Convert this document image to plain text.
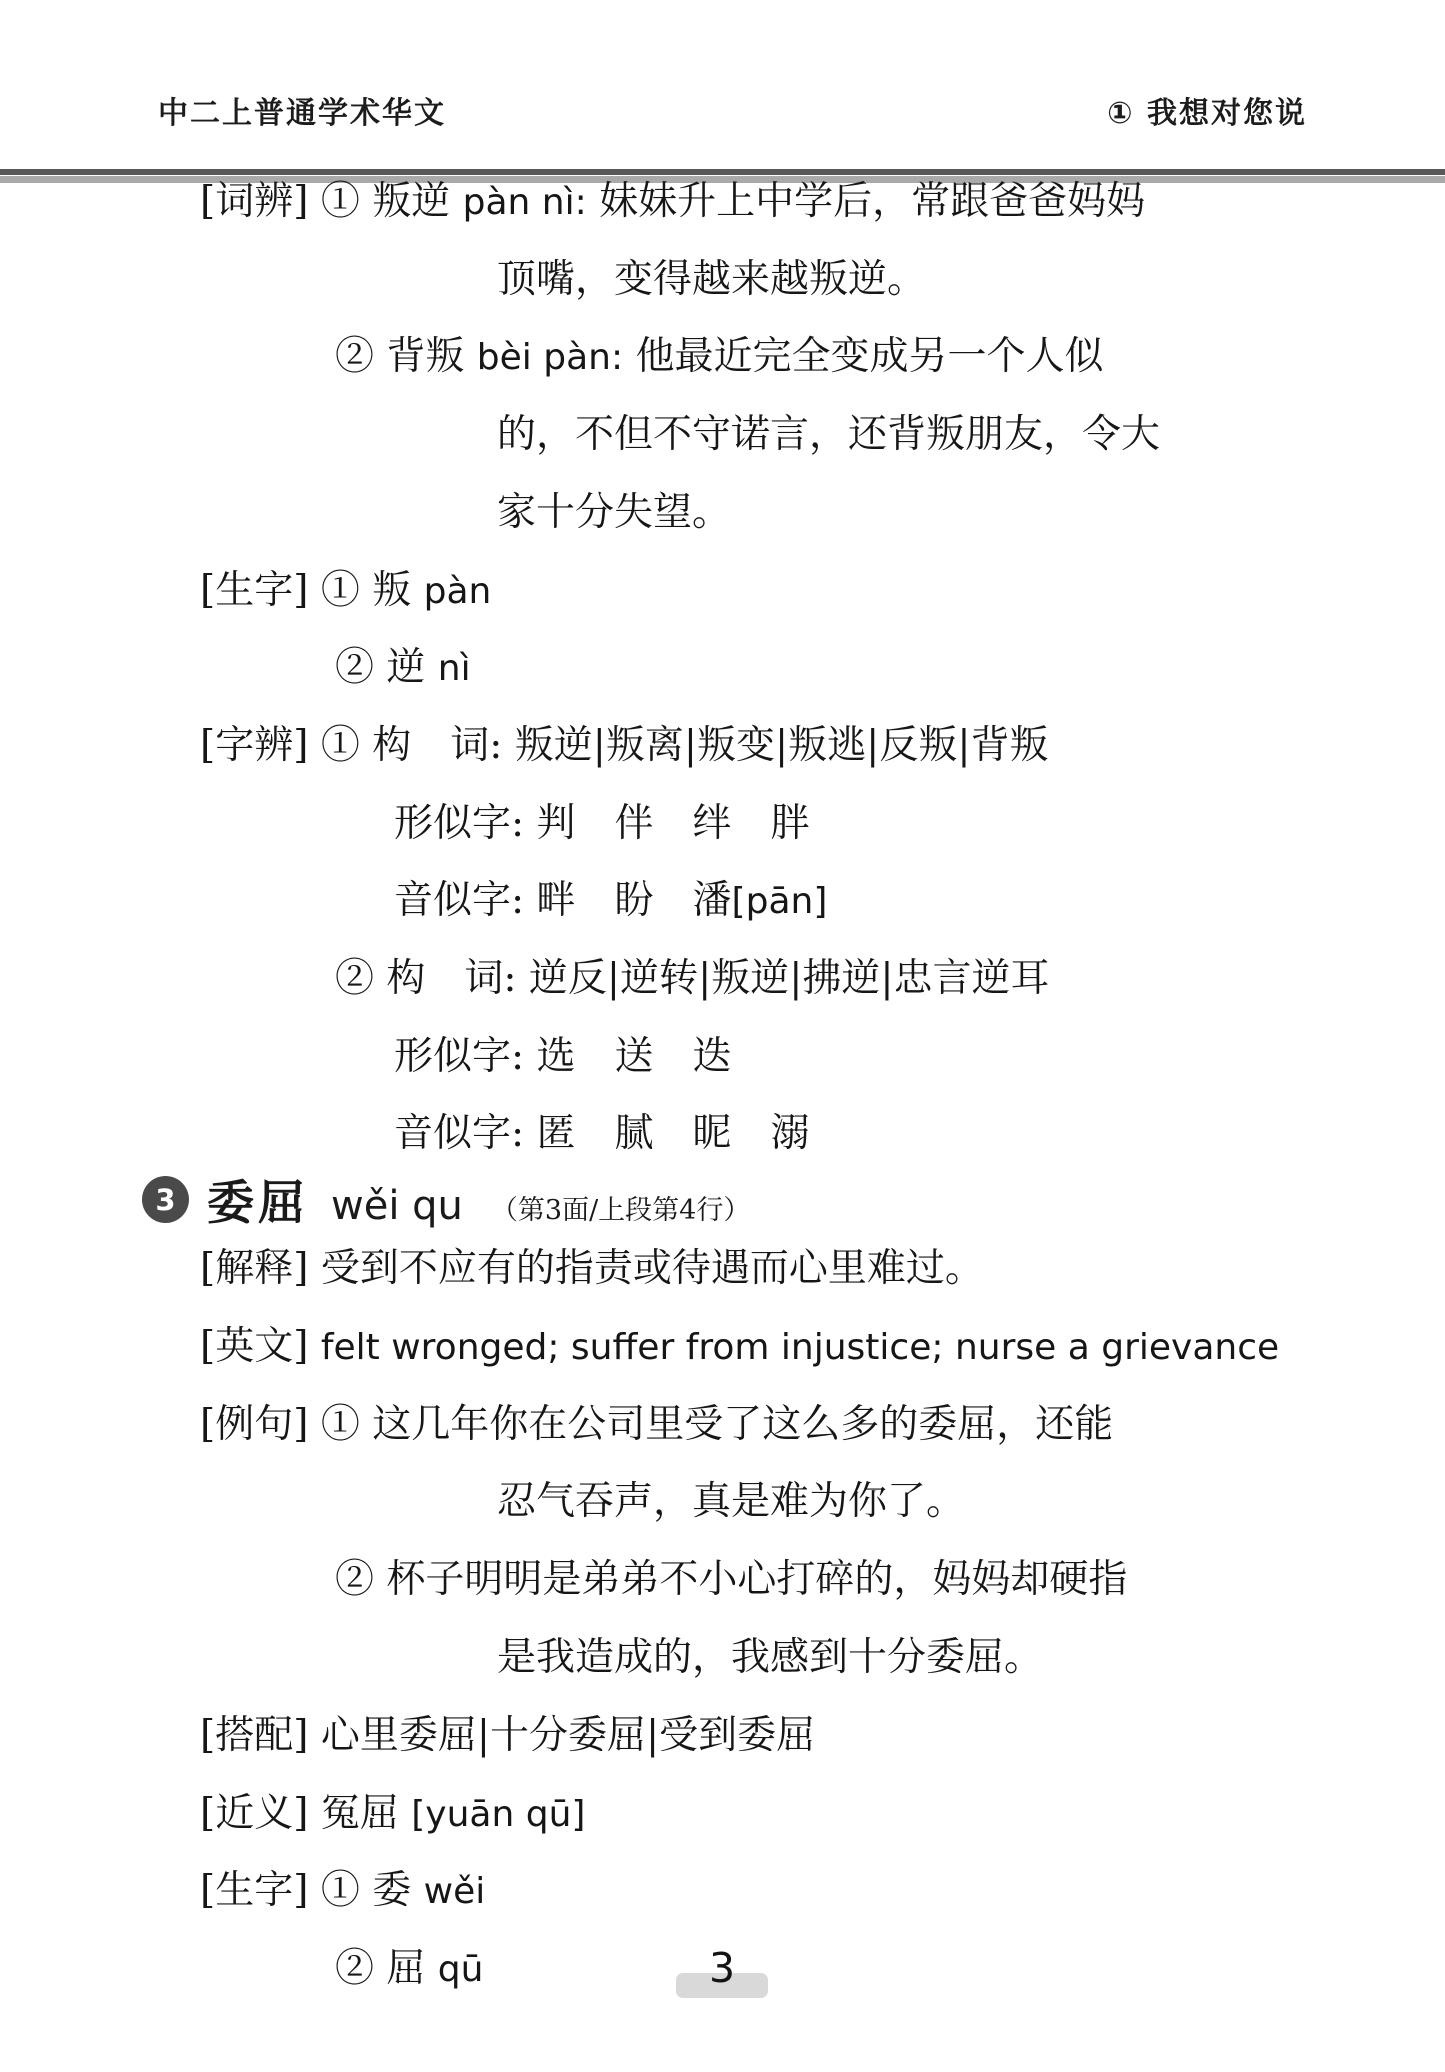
中二上普通学术华文	① 我想对您说
[词辨] ① 叛逆 pàn nì: 妹妹升上中学后，常跟爸爸妈妈
顶嘴，变得越来越叛逆。
② 背叛 bèi pàn: 他最近完全变成另一个人似
的，不但不守诺言，还背叛朋友，令大
家十分失望。
[生字] ① 叛 pàn
② 逆 nì
[字辨] ① 构　词: 叛逆|叛离|叛变|叛逃|反叛|背叛
形似字: 判　伴　绊　胖
音似字: 畔　盼　潘[pān]
② 构　词: 逆反|逆转|叛逆|拂逆|忠言逆耳
形似字: 选　送　迭
音似字: 匿　腻　昵　溺
[解释] 受到不应有的指责或待遇而心里难过。
[英文] felt wronged; suffer from injustice; nurse a grievance
[例句] ① 这几年你在公司里受了这么多的委屈，还能
忍气吞声，真是难为你了。
② 杯子明明是弟弟不小心打碎的，妈妈却硬指
是我造成的，我感到十分委屈。
[搭配] 心里委屈|十分委屈|受到委屈
[近义] 冤屈 [yuān qū]
[生字] ① 委 wěi
② 屈 qū
3 委屈 wěi qu （第3面/上段第4行）
3
